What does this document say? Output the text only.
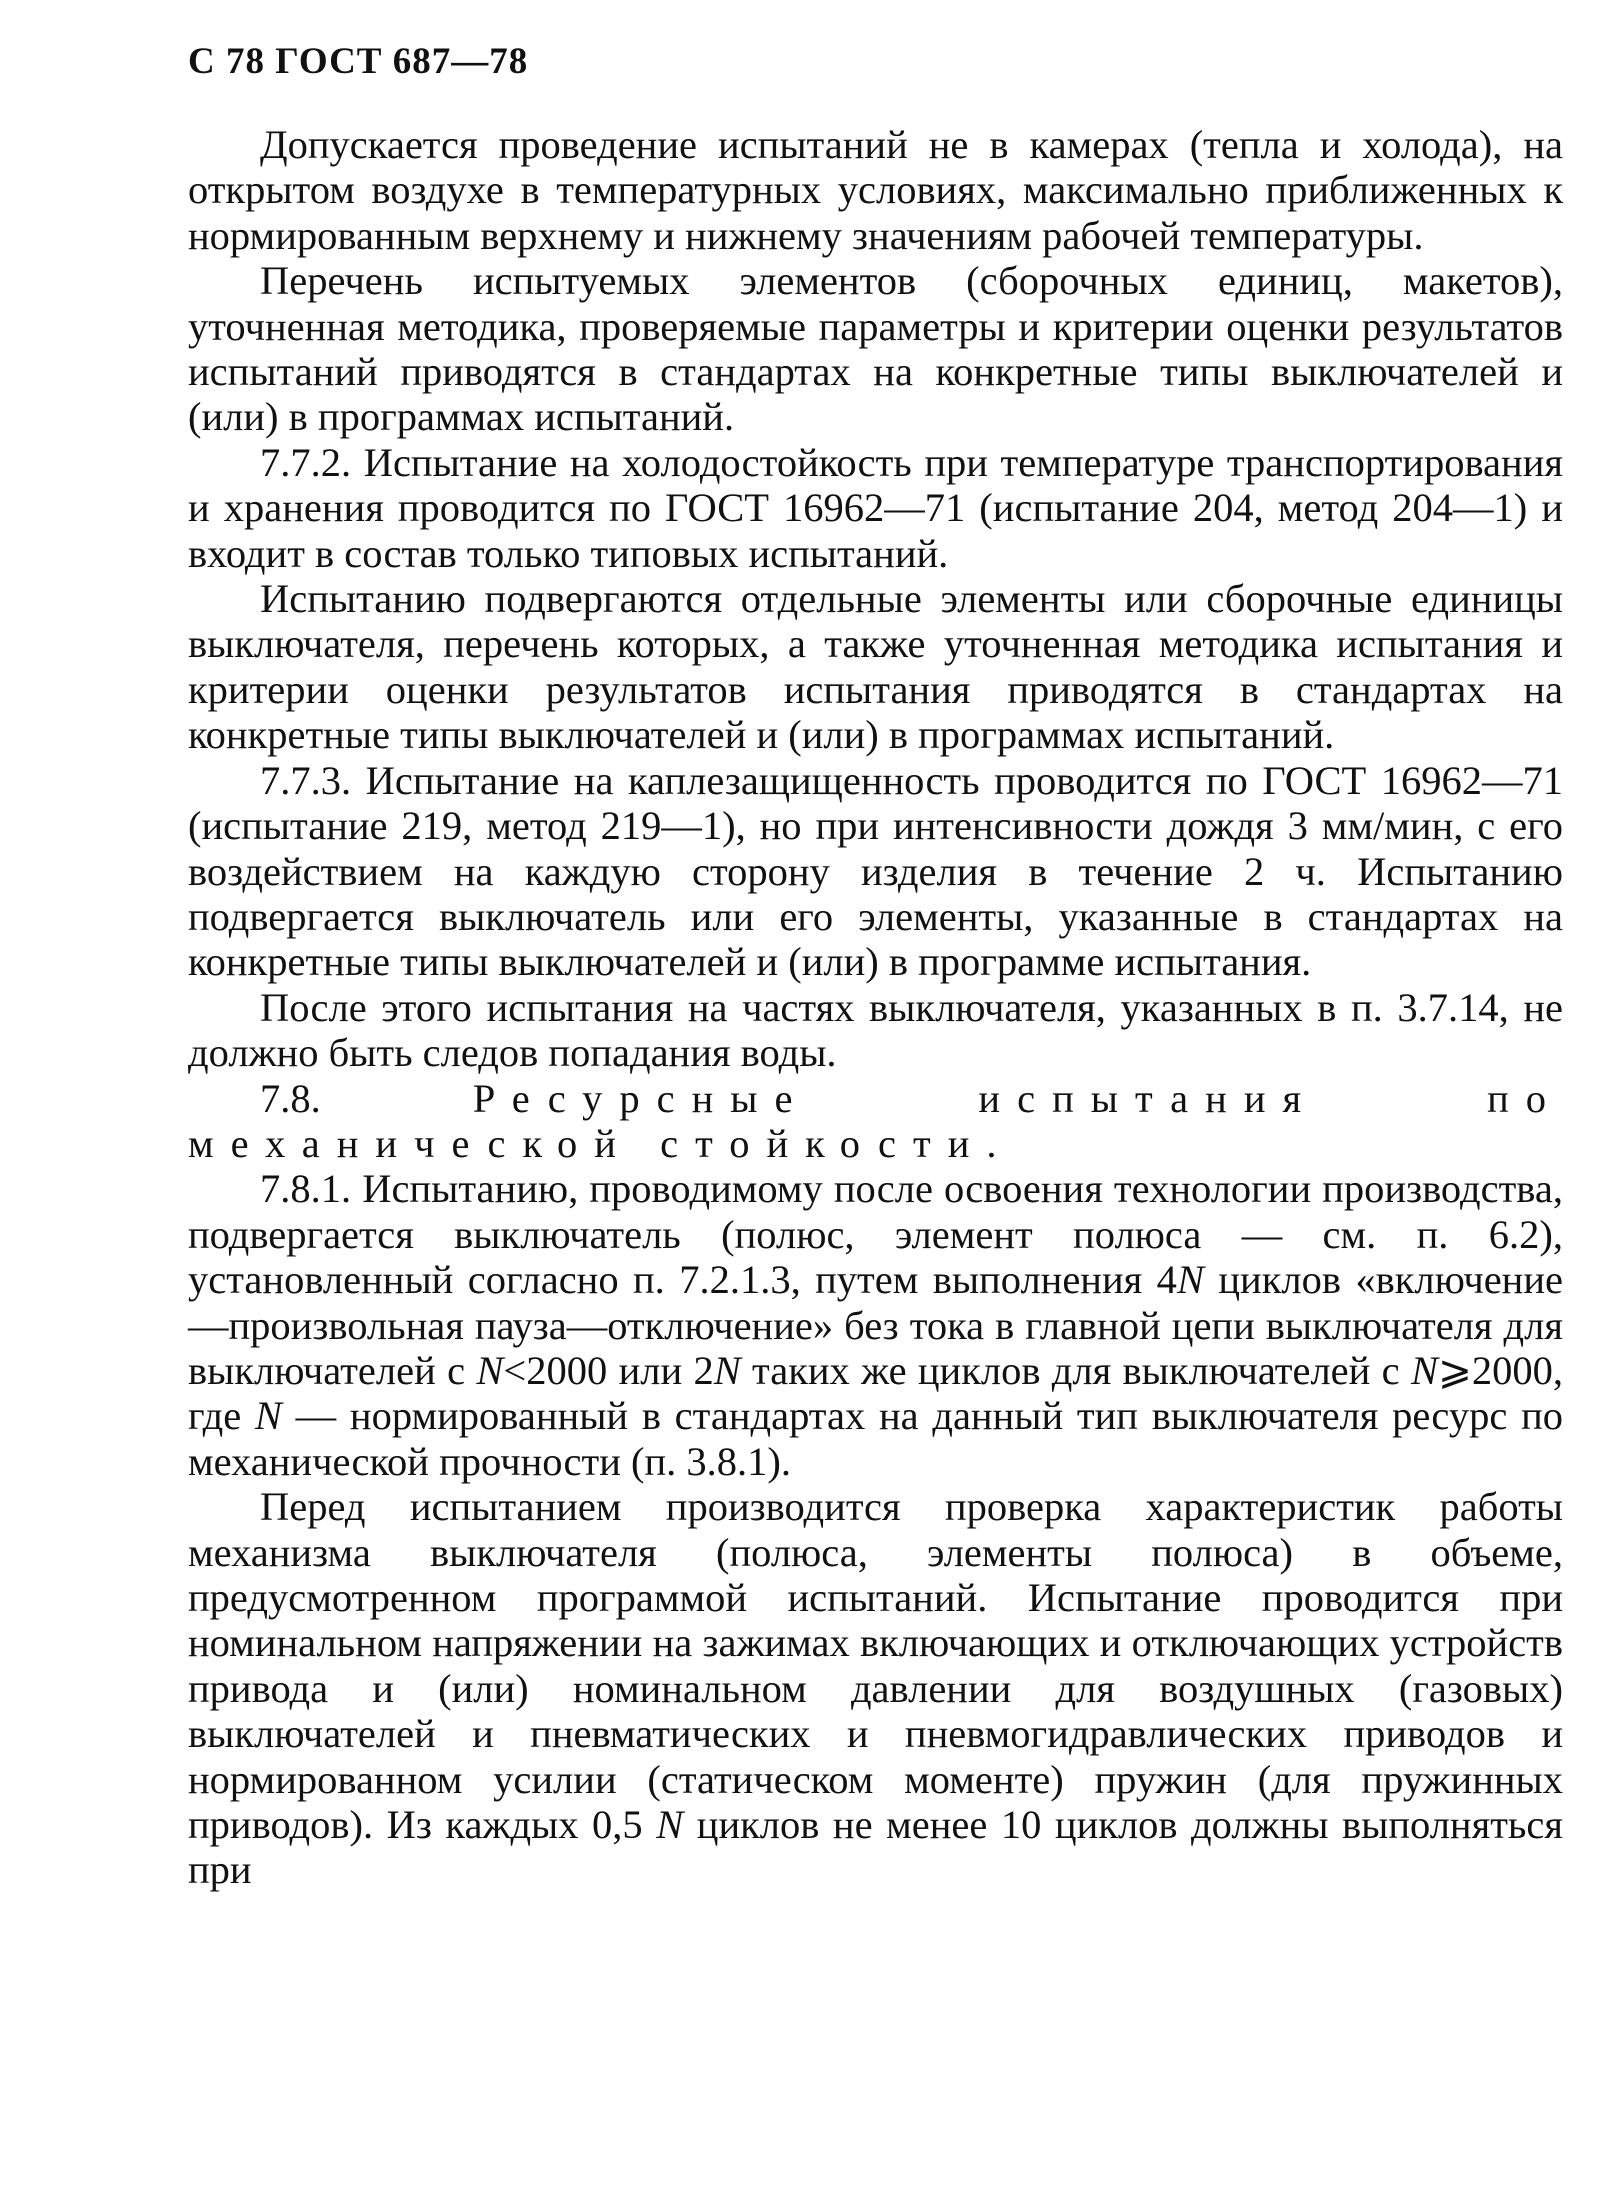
С 78 ГОСТ 687—78

Допускается проведение испытаний не в камерах (тепла и холода), на открытом воздухе в температурных условиях, максимально приближенных к нормированным верхнему и нижнему значениям рабочей температуры.

Перечень испытуемых элементов (сборочных единиц, макетов), уточненная методика, проверяемые параметры и критерии оценки результатов испытаний приводятся в стандартах на конкретные типы выключателей и (или) в программах испытаний.

7.7.2. Испытание на холодостойкость при температуре транспортирования и хранения проводится по ГОСТ 16962—71 (испытание 204, метод 204—1) и входит в состав только типовых испытаний.

Испытанию подвергаются отдельные элементы или сборочные единицы выключателя, перечень которых, а также уточненная методика испытания и критерии оценки результатов испытания приводятся в стандартах на конкретные типы выключателей и (или) в программах испытаний.

7.7.3. Испытание на каплезащищенность проводится по ГОСТ 16962—71 (испытание 219, метод 219—1), но при интенсивности дождя 3 мм/мин, с его воздействием на каждую сторону изделия в течение 2 ч. Испытанию подвергается выключатель или его элементы, указанные в стандартах на конкретные типы выключателей и (или) в программе испытания.

После этого испытания на частях выключателя, указанных в п. 3.7.14, не должно быть следов попадания воды.

7.8.	Ресурсные испытания по механической стойкости.

7.8.1. Испытанию, проводимому после освоения технологии производства, подвергается выключатель (полюс, элемент полюса — см. п. 6.2), установленный согласно п. 7.2.1.3, путем выполнения 4N циклов «включение—произвольная пауза—отключение» без тока в главной цепи выключателя для выключателей с N<2000 или 2N таких же циклов для выключателей с N⩾2000, где N — нормированный в стандартах на данный тип выключателя ресурс по механической прочности (п. 3.8.1).

Перед испытанием производится проверка характеристик работы механизма выключателя (полюса, элементы полюса) в объеме, предусмотренном программой испытаний. Испытание проводится при номинальном напряжении на зажимах включающих и отключающих устройств привода и (или) номинальном давлении для воздушных (газовых) выключателей и пневматических и пневмогидравлических приводов и нормированном усилии (статическом моменте) пружин (для пружинных приводов). Из каждых 0,5 N циклов не менее 10 циклов должны выполняться при
